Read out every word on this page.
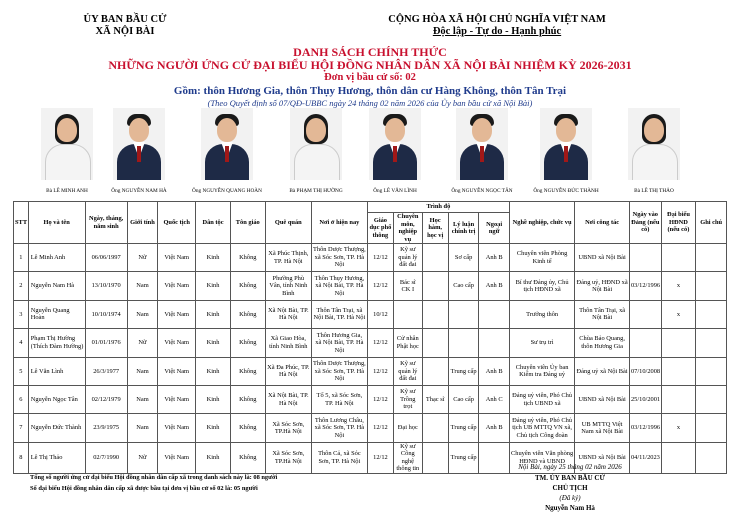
ỦY BAN BẦU CỬ
XÃ NỘI BÀI
CỘNG HÒA XÃ HỘI CHỦ NGHĨA VIỆT NAM
Độc lập - Tự do - Hạnh phúc
DANH SÁCH CHÍNH THỨC
NHỮNG NGƯỜI ỨNG CỬ ĐẠI BIỂU HỘI ĐỒNG NHÂN DÂN XÃ NỘI BÀI NHIỆM KỲ 2026-2031
Đơn vị bầu cử số: 02
Gồm: thôn Hương Gia, thôn Thụy Hương, thôn dân cư Hàng Không, thôn Tân Trại
(Theo Quyết định số 07/QĐ-UBBC ngày 24 tháng 02 năm 2026 của Ủy ban bầu cử xã Nội Bài)
Bà LÊ MINH ANH	Ông NGUYỄN NAM HÀ	Ông NGUYỄN QUANG HOÀN	Bà PHẠM THỊ HƯỜNG	Ông LÊ VĂN LÌNH	Ông NGUYỄN NGỌC TÂN	Ông NGUYỄN ĐỨC THÀNH	Bà LÊ THỊ THẢO
STT	Họ và tên	Ngày, tháng, năm sinh	Giới tính	Quốc tịch	Dân tộc	Tôn giáo	Quê quán	Nơi ở hiện nay	Trình độ					Nghề nghiệp, chức vụ	Nơi công tác	Ngày vào Đảng (nếu có)	Đại biểu HĐND (nếu có)	Ghi chú
									Giáo dục phổ thông	Chuyên môn, nghiệp vụ	Học hàm, học vị	Lý luận chính trị	Ngoại ngữ					
1	Lê Minh Anh	06/06/1997	Nữ	Việt Nam	Kinh	Không	Xã Phúc Thịnh, TP. Hà Nội	Thôn Dược Thượng, xã Sóc Sơn, TP. Hà Nội	12/12	Kỹ sư quản lý đất đai		Sơ cấp	Anh B	Chuyên viên Phòng Kinh tế	UBND xã Nội Bài			
2	Nguyễn Nam Hà	13/10/1970	Nam	Việt Nam	Kinh	Không	Phường Phù Vân, tỉnh Ninh Bình	Thôn Thụy Hương, xã Nội Bài, TP. Hà Nội	12/12	Bác sĩ CK I		Cao cấp	Anh B	Bí thư Đảng ủy, Chủ tịch HĐND xã	Đảng uỷ, HĐND xã Nội Bài	03/12/1996	x	
3	Nguyễn Quang Hoàn	10/10/1974	Nam	Việt Nam	Kinh	Không	Xã Nội Bài, TP. Hà Nội	Thôn Tân Trại, xã Nội Bài, TP. Hà Nội	10/12					Trưởng thôn	Thôn Tân Trại, xã Nội Bài		x	
4	Phạm Thị Hường (Thích Đàm Hường)	01/01/1976	Nữ	Việt Nam	Kinh	Không	Xã Giao Hòa, tỉnh Ninh Bình	Thôn Hương Gia, xã Nội Bài, TP. Hà Nội	12/12	Cử nhân Phật học				Sư trụ trì	Chùa Bảo Quang, thôn Hương Gia			
5	Lê Văn Lình	26/3/1977	Nam	Việt Nam	Kinh	Không	Xã Đa Phúc, TP. Hà Nội	Thôn Dược Thượng, xã Sóc Sơn, TP. Hà Nội	12/12	Kỹ sư quản lý đất đai		Trung cấp	Anh B	Chuyên viên Ủy ban Kiểm tra Đảng uỷ	Đảng uỷ xã Nội Bài	07/10/2008		
6	Nguyễn Ngọc Tân	02/12/1979	Nam	Việt Nam	Kinh	Không	Xã Nội Bài, TP. Hà Nội	Tổ 5, xã Sóc Sơn, TP. Hà Nội	12/12	Kỹ sư Trồng trọt	Thạc sĩ	Cao cấp	Anh C	Đảng uỷ viên, Phó Chủ tịch UBND xã	UBND xã Nội Bài	25/10/2001		
7	Nguyễn Đức Thành	23/9/1975	Nam	Việt Nam	Kinh	Không	Xã Sóc Sơn, TP.Hà Nội	Thôn Lương Châu, xã Sóc Sơn, TP. Hà Nội	12/12	Đại học		Trung cấp	Anh B	Đảng uỷ viên, Phó Chủ tịch UB MTTQ VN xã, Chủ tịch Công đoàn	UB MTTQ Việt Nam xã Nội Bài	03/12/1996	x	
8	Lê Thị Thảo	02/7/1990	Nữ	Việt Nam	Kinh	Không	Xã Sóc Sơn, TP.Hà Nội	Thôn Cả, xã Sóc Sơn, TP. Hà Nội	12/12	Kỹ sư Công nghệ thông tin		Trung cấp		Chuyên viên Văn phòng HĐND và UBND	UBND xã Nội Bài	04/11/2023		
Tổng số người ứng cử đại biểu Hội đồng nhân dân cấp xã trong danh sách này là: 08 người
Số đại biểu Hội đồng nhân dân cấp xã được bầu tại đơn vị bầu cử số 02 là: 05 người
Nội Bài, ngày 25 tháng 02 năm 2026
TM. ỦY BAN BẦU CỬ
CHỦ TỊCH
(Đã ký)
Nguyễn Nam Hà
